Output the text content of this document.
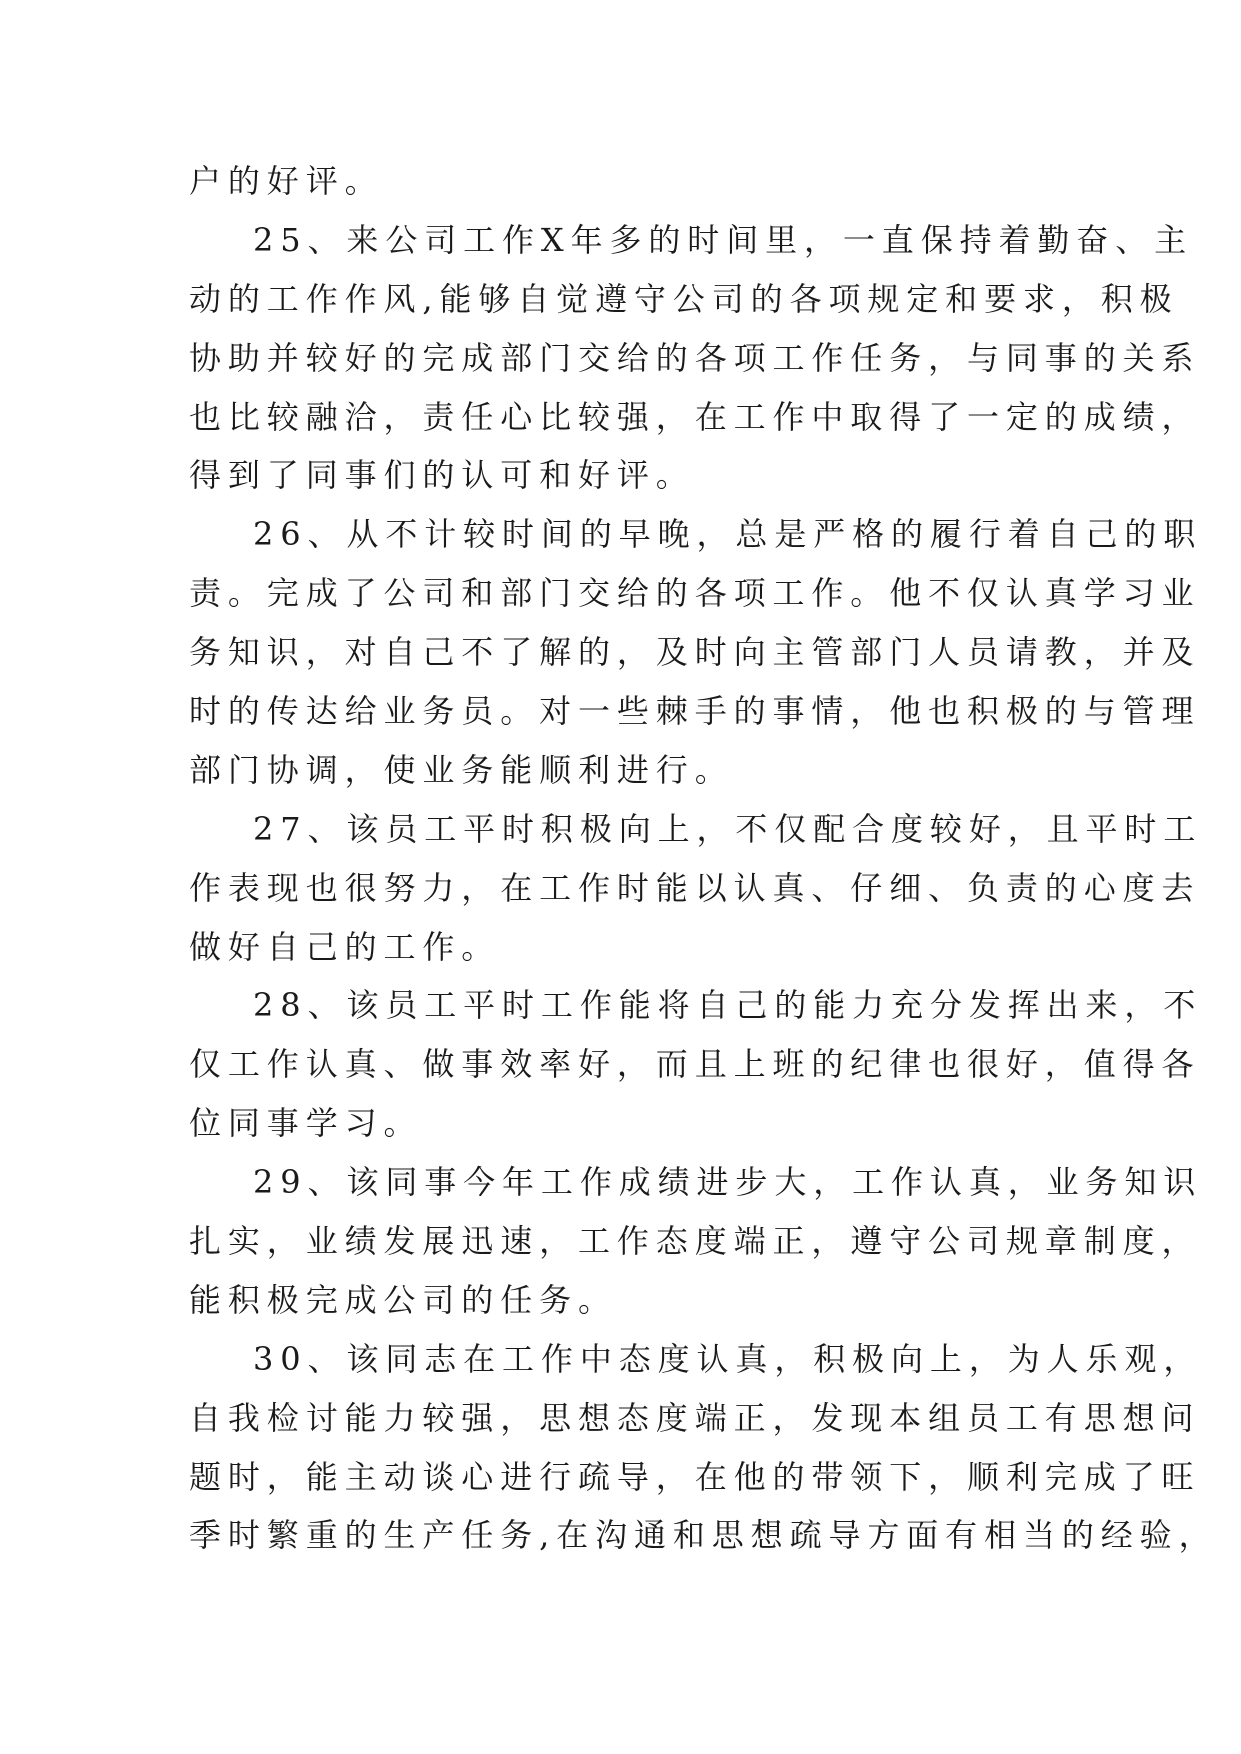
户的好评。

25、来公司工作X年多的时间里，一直保持着勤奋、主
动的工作作风,能够自觉遵守公司的各项规定和要求，积极
协助并较好的完成部门交给的各项工作任务，与同事的关系
也比较融洽，责任心比较强，在工作中取得了一定的成绩，
得到了同事们的认可和好评。

26、从不计较时间的早晚，总是严格的履行着自己的职
责。完成了公司和部门交给的各项工作。他不仅认真学习业
务知识，对自己不了解的，及时向主管部门人员请教，并及
时的传达给业务员。对一些棘手的事情，他也积极的与管理
部门协调，使业务能顺利进行。

27、该员工平时积极向上，不仅配合度较好，且平时工
作表现也很努力，在工作时能以认真、仔细、负责的心度去
做好自己的工作。

28、该员工平时工作能将自己的能力充分发挥出来，不
仅工作认真、做事效率好，而且上班的纪律也很好，值得各
位同事学习。

29、该同事今年工作成绩进步大，工作认真，业务知识
扎实，业绩发展迅速，工作态度端正，遵守公司规章制度，
能积极完成公司的任务。

30、该同志在工作中态度认真，积极向上，为人乐观，
自我检讨能力较强，思想态度端正，发现本组员工有思想问
题时，能主动谈心进行疏导，在他的带领下，顺利完成了旺
季时繁重的生产任务,在沟通和思想疏导方面有相当的经验，
